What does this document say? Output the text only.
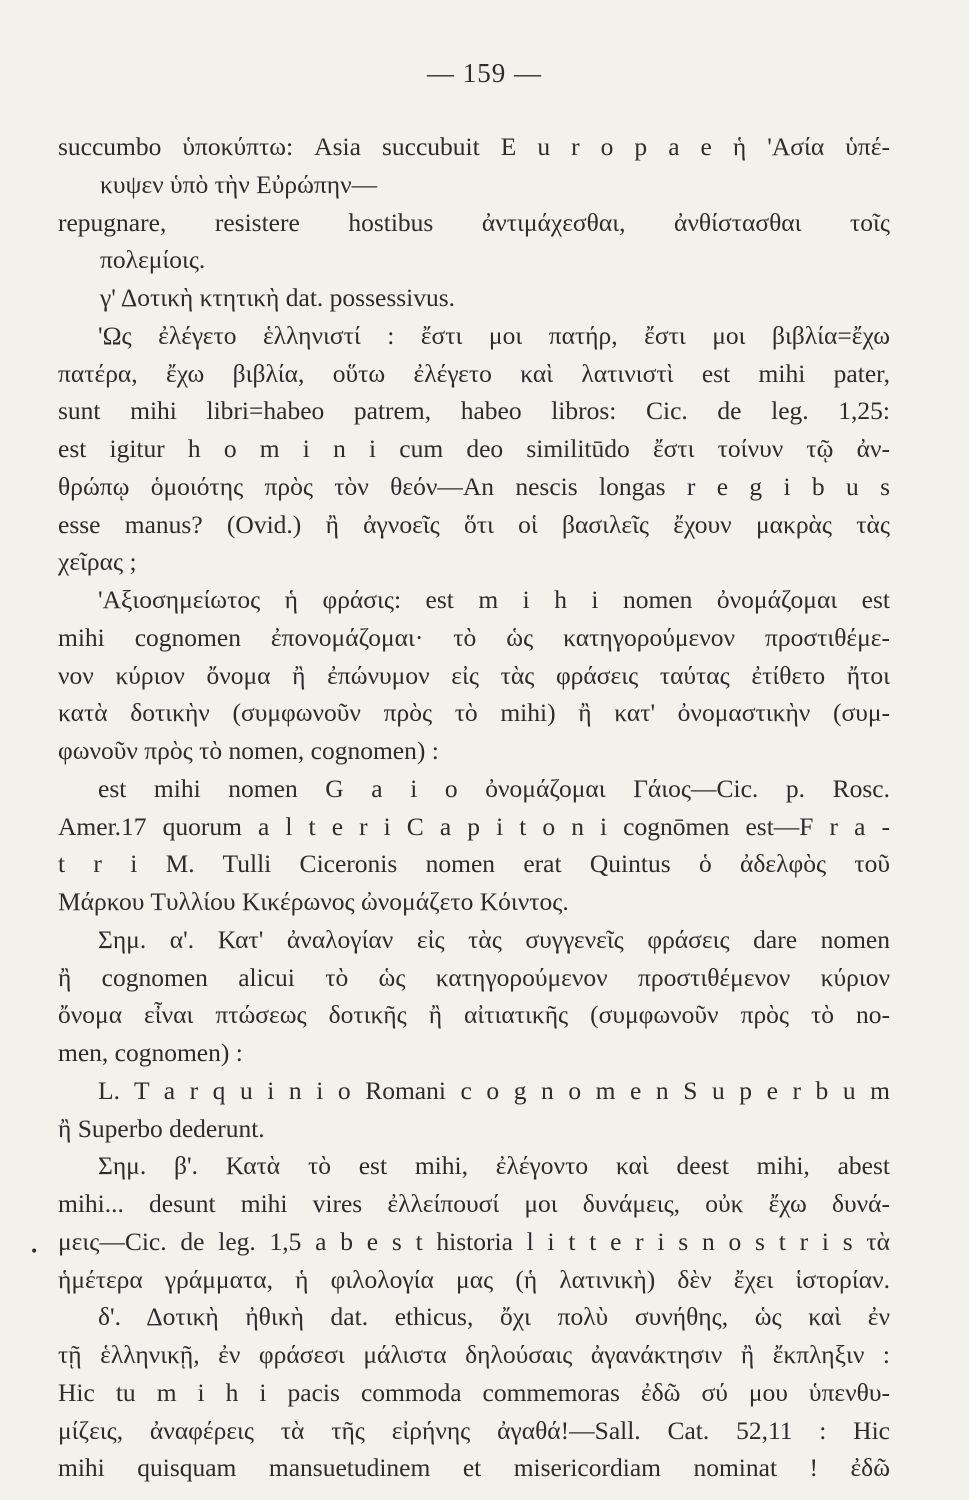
— 159 —
succumbo ὑποκύπτω: Asia succubuit E u r o p a e ἡ 'Ασία ὑπέ-
κυψεν ὑπὸ τὴν Εὐρώπην—
repugnare, resistere hostibus ἀντιμάχεσθαι, ἀνθίστασθαι τοῖς
πολεμίοις.
γ' Δοτικὴ κτητικὴ dat. possessivus.
'Ως ἐλέγετο ἑλληνιστί : ἔστι μοι πατήρ, ἔστι μοι βιβλία=ἔχω
πατέρα, ἔχω βιβλία, οὕτω ἐλέγετο καὶ λατινιστὶ est mihi pater,
sunt mihi libri=habeo patrem, habeo libros: Cic. de leg. 1,25:
est igitur h o m i n i cum deo similitūdo ἔστι τοίνυν τῷ ἀν-
θρώπῳ ὁμοιότης πρὸς τὸν θεόν—An nescis longas r e g i b u s
esse manus? (Ovid.) ἢ ἀγνοεῖς ὅτι οἱ βασιλεῖς ἔχουν μακρὰς τὰς
χεῖρας ;
'Αξιοσημείωτος ἡ φράσις: est m i h i nomen ὀνομάζομαι est
mihi cognomen ἐπονομάζομαι· τὸ ὡς κατηγορούμενον προστιθέμε-
νον κύριον ὄνομα ἢ ἐπώνυμον εἰς τὰς φράσεις ταύτας ἐτίθετο ἤτοι
κατὰ δοτικὴν (συμφωνοῦν πρὸς τὸ mihi) ἢ κατ' ὀνομαστικὴν (συμ-
φωνοῦν πρὸς τὸ nomen, cognomen) :
est mihi nomen G a i o ὀνομάζομαι Γάιος—Cic. p. Rosc.
Amer.17 quorum a l t e r i C a p i t o n i cognōmen est—F r a -
t r i M. Tulli Ciceronis nomen erat Quintus ὁ ἀδελφὸς τοῦ
Μάρκου Τυλλίου Κικέρωνος ὠνομάζετο Κόιντος.
Σημ. α'. Κατ' ἀναλογίαν εἰς τὰς συγγενεῖς φράσεις dare nomen
ἢ cognomen alicui τὸ ὡς κατηγορούμενον προστιθέμενον κύριον
ὄνομα εἶναι πτώσεως δοτικῆς ἢ αἰτιατικῆς (συμφωνοῦν πρὸς τὸ no-
men, cognomen) :
L. T a r q u i n i o Romani c o g n o m e n S u p e r b u m
ἢ Superbo dederunt.
Σημ. β'. Κατὰ τὸ est mihi, ἐλέγοντο καὶ deest mihi, abest
mihi... desunt mihi vires ἐλλείπουσί μοι δυνάμεις, οὐκ ἔχω δυνά-
μεις—Cic. de leg. 1,5 a b e s t historia l i t t e r i s n o s t r i s τὰ
ἡμέτερα γράμματα, ἡ φιλολογία μας (ἡ λατινικὴ) δὲν ἔχει ἱστορίαν.
δ'. Δοτικὴ ἠθικὴ dat. ethicus, ὄχι πολὺ συνήθης, ὡς καὶ ἐν
τῇ ἑλληνικῇ, ἐν φράσεσι μάλιστα δηλούσαις ἀγανάκτησιν ἢ ἔκπληξιν :
Hic tu m i h i pacis commoda commemoras ἐδῶ σύ μου ὑπενθυ-
μίζεις, ἀναφέρεις τὰ τῆς εἰρήνης ἀγαθά!—Sall. Cat. 52,11 : Hic
mihi quisquam mansuetudinem et misericordiam nominat ! ἐδῶ
•
